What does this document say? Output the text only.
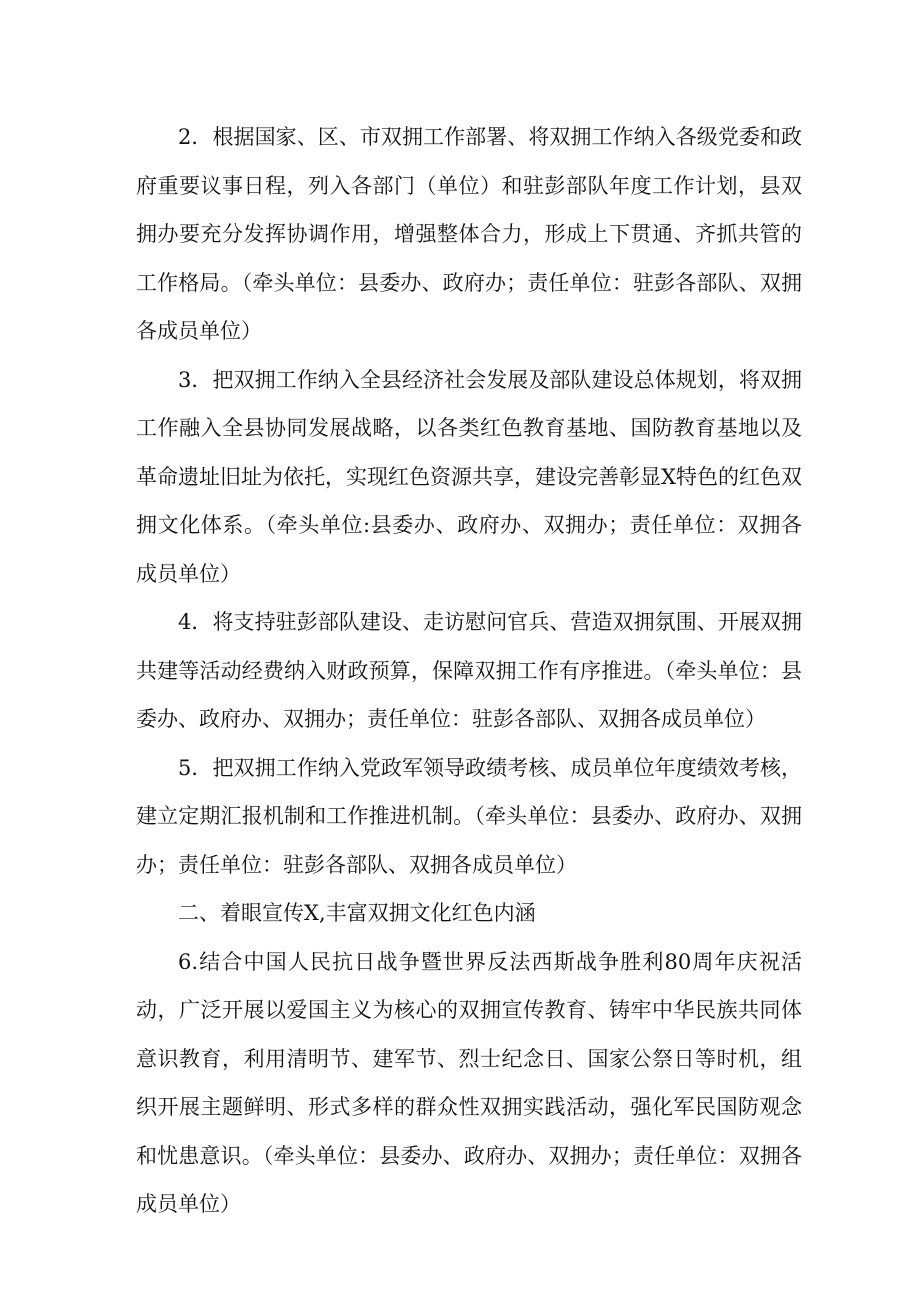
2．根据国家、区、市双拥工作部署、将双拥工作纳入各级党委和政府重要议事日程，列入各部门（单位）和驻彭部队年度工作计划，县双拥办要充分发挥协调作用，增强整体合力，形成上下贯通、齐抓共管的工作格局。（牵头单位：县委办、政府办；责任单位：驻彭各部队、双拥各成员单位）

3．把双拥工作纳入全县经济社会发展及部队建设总体规划，将双拥工作融入全县协同发展战略，以各类红色教育基地、国防教育基地以及革命遗址旧址为依托，实现红色资源共享，建设完善彰显X特色的红色双拥文化体系。（牵头单位:县委办、政府办、双拥办；责任单位：双拥各成员单位）

4．将支持驻彭部队建设、走访慰问官兵、营造双拥氛围、开展双拥共建等活动经费纳入财政预算，保障双拥工作有序推进。（牵头单位：县委办、政府办、双拥办；责任单位：驻彭各部队、双拥各成员单位）

5．把双拥工作纳入党政军领导政绩考核、成员单位年度绩效考核，建立定期汇报机制和工作推进机制。（牵头单位：县委办、政府办、双拥办；责任单位：驻彭各部队、双拥各成员单位）

二、着眼宣传X,丰富双拥文化红色内涵

6.结合中国人民抗日战争暨世界反法西斯战争胜利80周年庆祝活动，广泛开展以爱国主义为核心的双拥宣传教育、铸牢中华民族共同体意识教育，利用清明节、建军节、烈士纪念日、国家公祭日等时机，组织开展主题鲜明、形式多样的群众性双拥实践活动，强化军民国防观念和忧患意识。（牵头单位：县委办、政府办、双拥办；责任单位：双拥各成员单位）
